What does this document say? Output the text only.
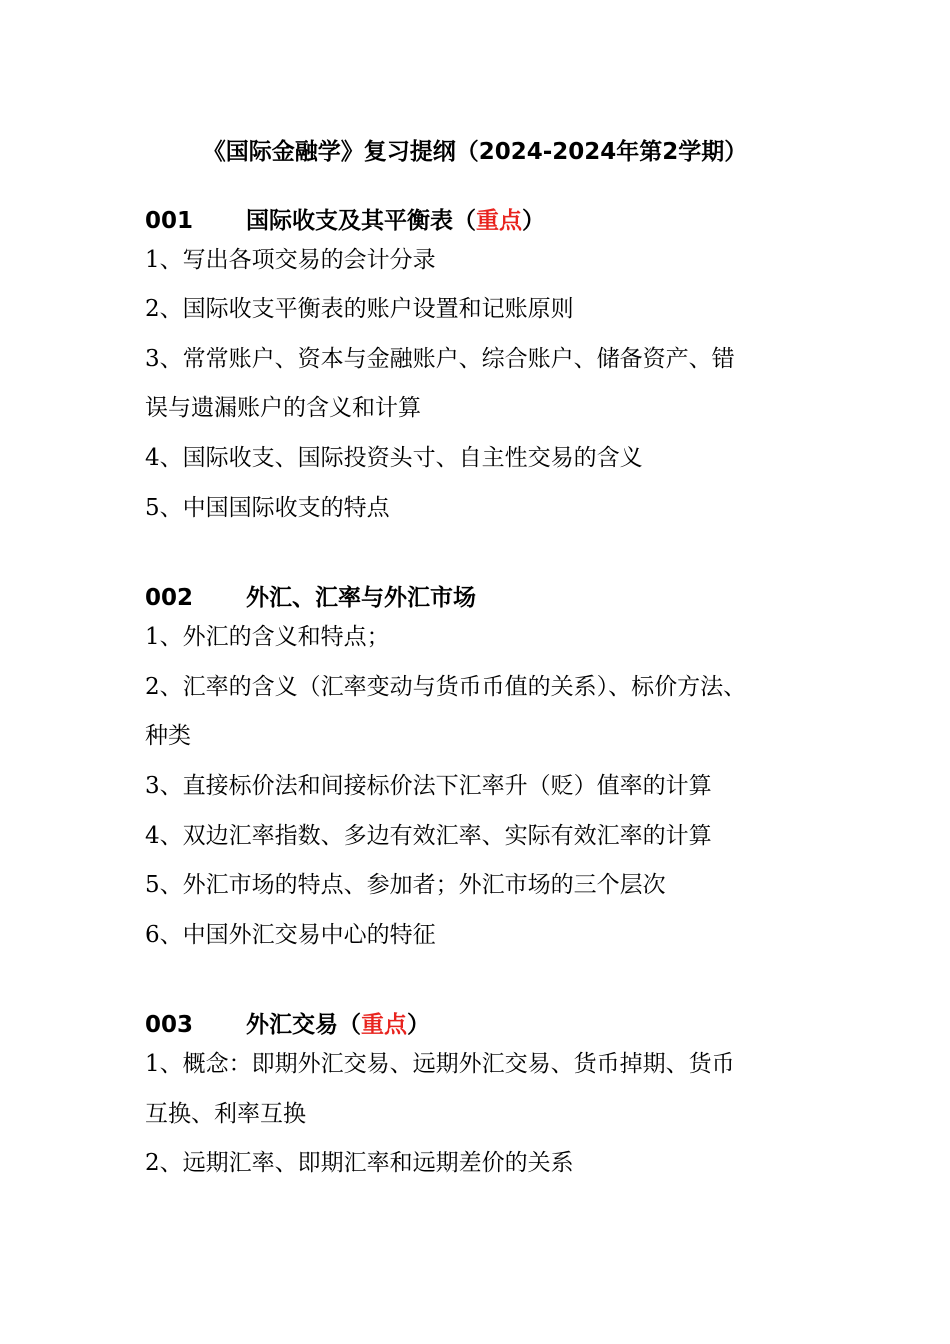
《国际金融学》复习提纲（2024-2024年第2学期）
001 国际收支及其平衡表（重点）
1、写出各项交易的会计分录
2、国际收支平衡表的账户设置和记账原则
3、常常账户、资本与金融账户、综合账户、储备资产、错
误与遗漏账户的含义和计算
4、国际收支、国际投资头寸、自主性交易的含义
5、中国国际收支的特点
002 外汇、汇率与外汇市场
1、外汇的含义和特点；
2、汇率的含义（汇率变动与货币币值的关系）、标价方法、
种类
3、直接标价法和间接标价法下汇率升（贬）值率的计算
4、双边汇率指数、多边有效汇率、实际有效汇率的计算
5、外汇市场的特点、参加者；外汇市场的三个层次
6、中国外汇交易中心的特征
003 外汇交易（重点）
1、概念：即期外汇交易、远期外汇交易、货币掉期、货币
互换、利率互换
2、远期汇率、即期汇率和远期差价的关系
